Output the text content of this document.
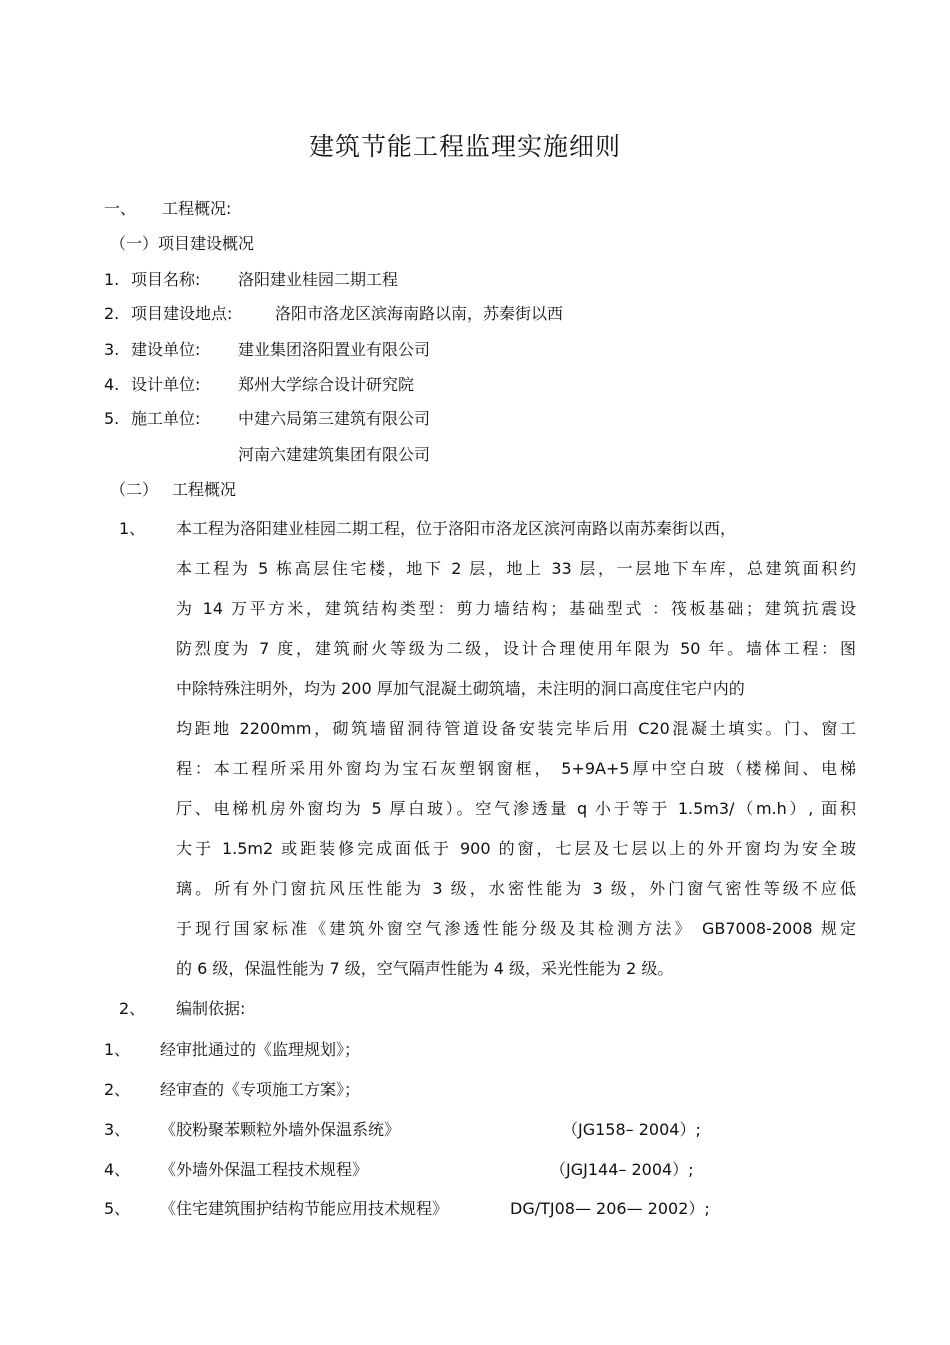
建筑节能工程监理实施细则
一、 工程概况:
（一）项目建设概况
1. 项目名称: 洛阳建业桂园二期工程
2. 项目建设地点:	洛阳市洛龙区滨海南路以南，苏秦街以西
3. 建设单位: 建业集团洛阳置业有限公司
4. 设计单位: 郑州大学综合设计研究院
5. 施工单位: 中建六局第三建筑有限公司
河南六建建筑集团有限公司
（二） 工程概况
1、 本工程为洛阳建业桂园二期工程，位于洛阳市洛龙区滨河南路以南苏秦街以西，
本工程为 5 栋高层住宅楼，地下 2 层，地上 33 层，一层地下车库，总建筑面积约
为 14 万平方米，建筑结构类型：剪力墙结构；基础型式 ：筏板基础；建筑抗震设
防烈度为 7 度，建筑耐火等级为二级，设计合理使用年限为 50 年。墙体工程：图
中除特殊注明外，均为 200 厚加气混凝土砌筑墙，未注明的洞口高度住宅户内的
均距地 2200mm，砌筑墙留洞待管道设备安装完毕后用 C20混凝土填实。门、窗工
程：本工程所采用外窗均为宝石灰塑钢窗框， 5+9A+5厚中空白玻（楼梯间、电梯
厅、电梯机房外窗均为 5 厚白玻）。空气渗透量 q 小于等于 1.5m3/（m.h）, 面积
大于 1.5m2 或距装修完成面低于 900 的窗，七层及七层以上的外开窗均为安全玻
璃。所有外门窗抗风压性能为 3 级，水密性能为 3 级，外门窗气密性等级不应低
于现行国家标准《建筑外窗空气渗透性能分级及其检测方法》 GB7008-2008 规定
的 6 级，保温性能为 7 级，空气隔声性能为 4 级，采光性能为 2 级。
2、 编制依据:
1、 经审批通过的《监理规划》；
2、 经审查的《专项施工方案》；
3、 《胶粉聚苯颗粒外墙外保温系统》	（JG158– 2004）;
4、 《外墙外保温工程技术规程》	（JGJ144– 2004）;
5、 《住宅建筑围护结构节能应用技术规程》	DG/TJ08— 206— 2002）;
